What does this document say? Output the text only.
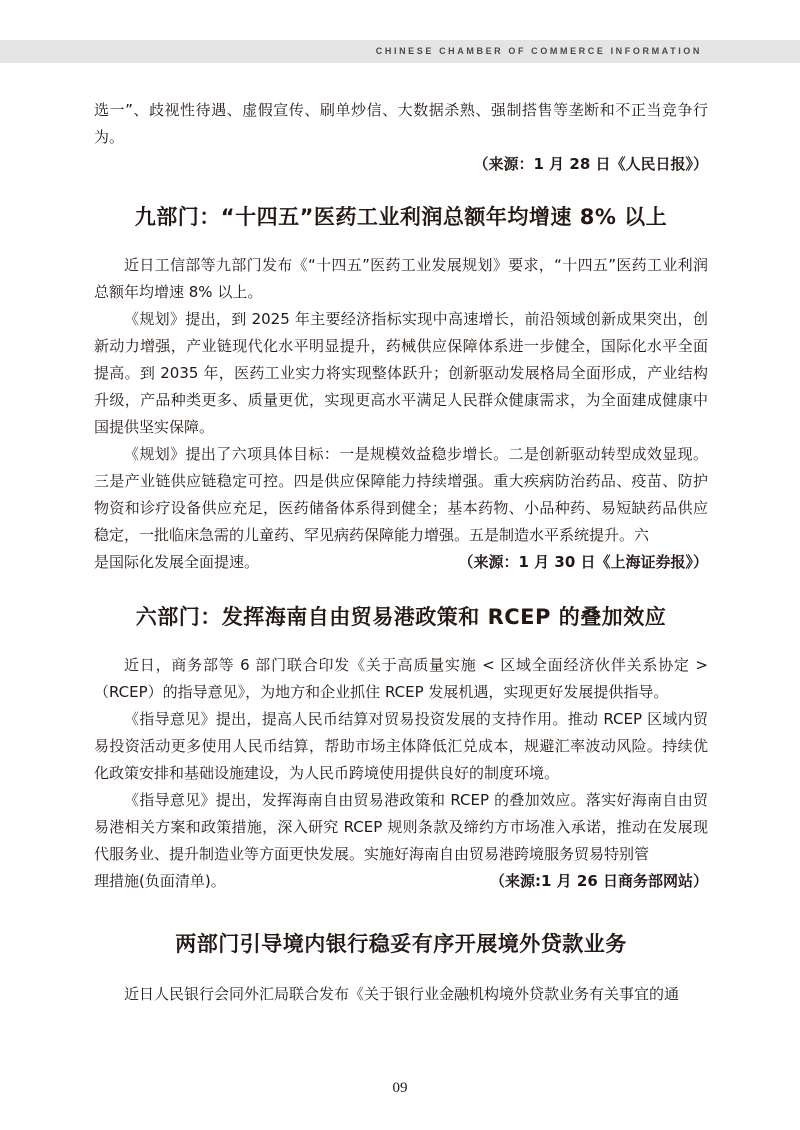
CHINESE CHAMBER OF COMMERCE INFORMATION

选一”、歧视性待遇、虚假宣传、刷单炒信、大数据杀熟、强制搭售等垄断和不正当竞争行为。

（来源：1 月 28 日《人民日报》）
九部门：“十四五”医药工业利润总额年均增速 8% 以上

近日工信部等九部门发布《“十四五”医药工业发展规划》要求，“十四五”医药工业利润总额年均增速 8% 以上。

《规划》提出，到 2025 年主要经济指标实现中高速增长，前沿领域创新成果突出，创新动力增强，产业链现代化水平明显提升，药械供应保障体系进一步健全，国际化水平全面提高。到 2035 年，医药工业实力将实现整体跃升；创新驱动发展格局全面形成，产业结构升级，产品种类更多、质量更优，实现更高水平满足人民群众健康需求，为全面建成健康中国提供坚实保障。

《规划》提出了六项具体目标：一是规模效益稳步增长。二是创新驱动转型成效显现。三是产业链供应链稳定可控。四是供应保障能力持续增强。重大疾病防治药品、疫苗、防护物资和诊疗设备供应充足，医药储备体系得到健全；基本药物、小品种药、易短缺药品供应稳定，一批临床急需的儿童药、罕见病药保障能力增强。五是制造水平系统提升。六

是国际化发展全面提速。	（来源：1 月 30 日《上海证券报》）
六部门：发挥海南自由贸易港政策和 RCEP 的叠加效应

近日，商务部等 6 部门联合印发《关于高质量实施 < 区域全面经济伙伴关系协定 >（RCEP）的指导意见》，为地方和企业抓住 RCEP 发展机遇，实现更好发展提供指导。

《指导意见》提出，提高人民币结算对贸易投资发展的支持作用。推动 RCEP 区域内贸易投资活动更多使用人民币结算，帮助市场主体降低汇兑成本，规避汇率波动风险。持续优化政策安排和基础设施建设，为人民币跨境使用提供良好的制度环境。

《指导意见》提出，发挥海南自由贸易港政策和 RCEP 的叠加效应。落实好海南自由贸易港相关方案和政策措施，深入研究 RCEP 规则条款及缔约方市场准入承诺，推动在发展现代服务业、提升制造业等方面更快发展。实施好海南自由贸易港跨境服务贸易特别管

理措施(负面清单)。	（来源:1 月 26 日商务部网站）
两部门引导境内银行稳妥有序开展境外贷款业务

近日人民银行会同外汇局联合发布《关于银行业金融机构境外贷款业务有关事宜的通

09
